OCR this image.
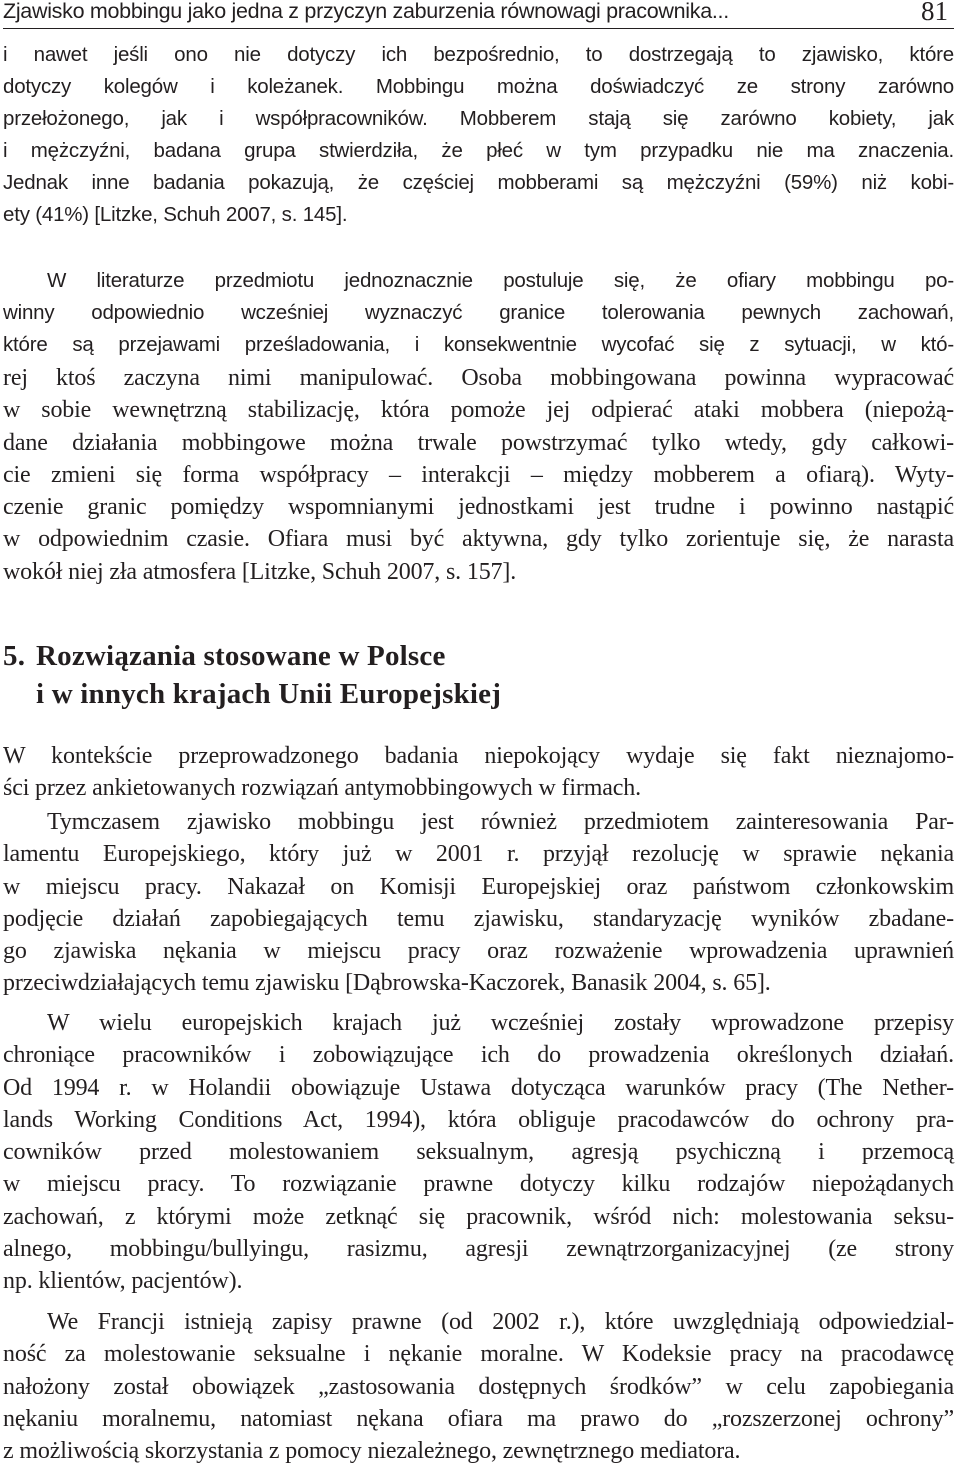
Zjawisko mobbingu jako jedna z przyczyn zaburzenia równowagi pracownika...	81
i nawet jeśli ono nie dotyczy ich bezpośrednio, to dostrzegają to zjawisko, które
dotyczy kolegów i koleżanek. Mobbingu można doświadczyć ze strony zarówno
przełożonego, jak i współpracowników. Mobberem stają się zarówno kobiety, jak
i mężczyźni, badana grupa stwierdziła, że płeć w tym przypadku nie ma znaczenia.
Jednak inne badania pokazują, że częściej mobberami są mężczyźni (59%) niż kobi-
ety (41%) [Litzke, Schuh 2007, s. 145].
W literaturze przedmiotu jednoznacznie postuluje się, że ofiary mobbingu po-
winny odpowiednio wcześniej wyznaczyć granice tolerowania pewnych zachowań,
które są przejawami prześladowania, i konsekwentnie wycofać się z sytuacji, w któ-
rej ktoś zaczyna nimi manipulować. Osoba mobbingowana powinna wypracować
w sobie wewnętrzną stabilizację, która pomoże jej odpierać ataki mobbera (niepożą-
dane działania mobbingowe można trwale powstrzymać tylko wtedy, gdy całkowi-
cie zmieni się forma współpracy – interakcji – między mobberem a ofiarą). Wyty-
czenie granic pomiędzy wspomnianymi jednostkami jest trudne i powinno nastąpić
w odpowiednim czasie. Ofiara musi być aktywna, gdy tylko zorientuje się, że narasta
wokół niej zła atmosfera [Litzke, Schuh 2007, s. 157].
5. Rozwiązania stosowane w Polsce
i w innych krajach Unii Europejskiej
W kontekście przeprowadzonego badania niepokojący wydaje się fakt nieznajomo-
ści przez ankietowanych rozwiązań antymobbingowych w firmach.
Tymczasem zjawisko mobbingu jest również przedmiotem zainteresowania Par-
lamentu Europejskiego, który już w 2001 r. przyjął rezolucję w sprawie nękania
w miejscu pracy. Nakazał on Komisji Europejskiej oraz państwom członkowskim
podjęcie działań zapobiegających temu zjawisku, standaryzację wyników zbadane-
go zjawiska nękania w miejscu pracy oraz rozważenie wprowadzenia uprawnień
przeciwdziałających temu zjawisku [Dąbrowska-Kaczorek, Banasik 2004, s. 65].
W wielu europejskich krajach już wcześniej zostały wprowadzone przepisy
chroniące pracowników i zobowiązujące ich do prowadzenia określonych działań.
Od 1994 r. w Holandii obowiązuje Ustawa dotycząca warunków pracy (The Nether-
lands Working Conditions Act, 1994), która obliguje pracodawców do ochrony pra-
cowników przed molestowaniem seksualnym, agresją psychiczną i przemocą
w miejscu pracy. To rozwiązanie prawne dotyczy kilku rodzajów niepożądanych
zachowań, z którymi może zetknąć się pracownik, wśród nich: molestowania seksu-
alnego, mobbingu/bullyingu, rasizmu, agresji zewnątrzorganizacyjnej (ze strony
np. klientów, pacjentów).
We Francji istnieją zapisy prawne (od 2002 r.), które uwzględniają odpowiedzial-
ność za molestowanie seksualne i nękanie moralne. W Kodeksie pracy na pracodawcę
nałożony został obowiązek „zastosowania dostępnych środków” w celu zapobiegania
nękaniu moralnemu, natomiast nękana ofiara ma prawo do „rozszerzonej ochrony”
z możliwością skorzystania z pomocy niezależnego, zewnętrznego mediatora.
